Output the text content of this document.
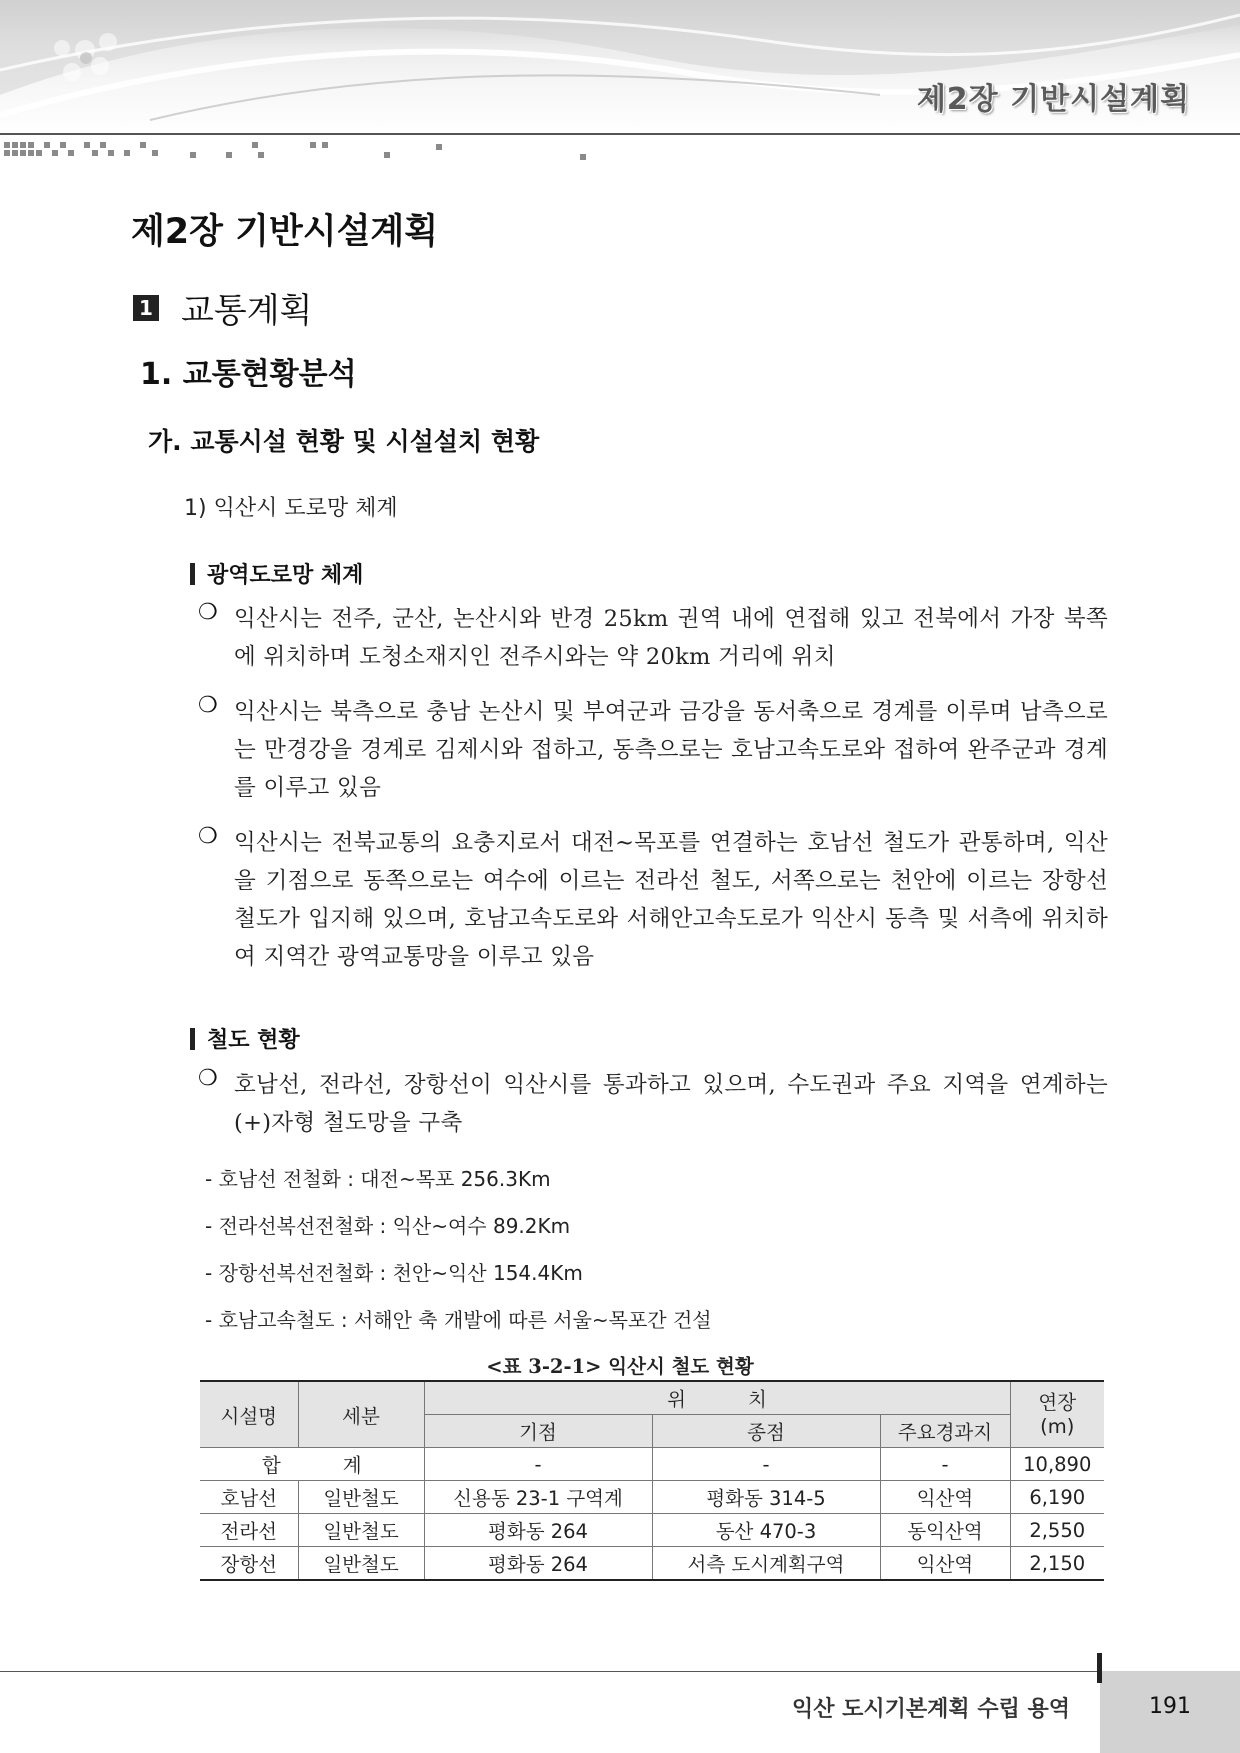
제2장 기반시설계획
제2장 기반시설계획
1 교통계획
1. 교통현황분석
가. 교통시설 현황 및 시설설치 현황
1) 익산시 도로망 체계
광역도로망 체계
❍ 익산시는 전주, 군산, 논산시와 반경 25km 권역 내에 연접해 있고 전북에서 가장 북쪽에 위치하며 도청소재지인 전주시와는 약 20km 거리에 위치
❍ 익산시는 북측으로 충남 논산시 및 부여군과 금강을 동서축으로 경계를 이루며 남측으로는 만경강을 경계로 김제시와 접하고, 동측으로는 호남고속도로와 접하여 완주군과 경계를 이루고 있음
❍ 익산시는 전북교통의 요충지로서 대전~목포를 연결하는 호남선 철도가 관통하며, 익산을 기점으로 동쪽으로는 여수에 이르는 전라선 철도, 서쪽으로는 천안에 이르는 장항선 철도가 입지해 있으며, 호남고속도로와 서해안고속도로가 익산시 동측 및 서측에 위치하여 지역간 광역교통망을 이루고 있음
철도 현황
❍ 호남선, 전라선, 장항선이 익산시를 통과하고 있으며, 수도권과 주요 지역을 연계하는 (+)자형 철도망을 구축
- 호남선 전철화 : 대전~목포 256.3Km
- 전라선복선전철화 : 익산~여수 89.2Km
- 장항선복선전철화 : 천안~익산 154.4Km
- 호남고속철도 : 서해안 축 개발에 따른 서울~목포간 건설
<표 3-2-1> 익산시 철도 현황
시설명	세분	위          치			연장
(m)
		기점	종점	주요경과지	
합          계		-	-	-	10,890
호남선	일반철도	신용동 23-1 구역계	평화동 314-5	익산역	6,190
전라선	일반철도	평화동 264	동산 470-3	동익산역	2,550
장항선	일반철도	평화동 264	서측 도시계획구역	익산역	2,150
익산 도시기본계획 수립 용역	191
